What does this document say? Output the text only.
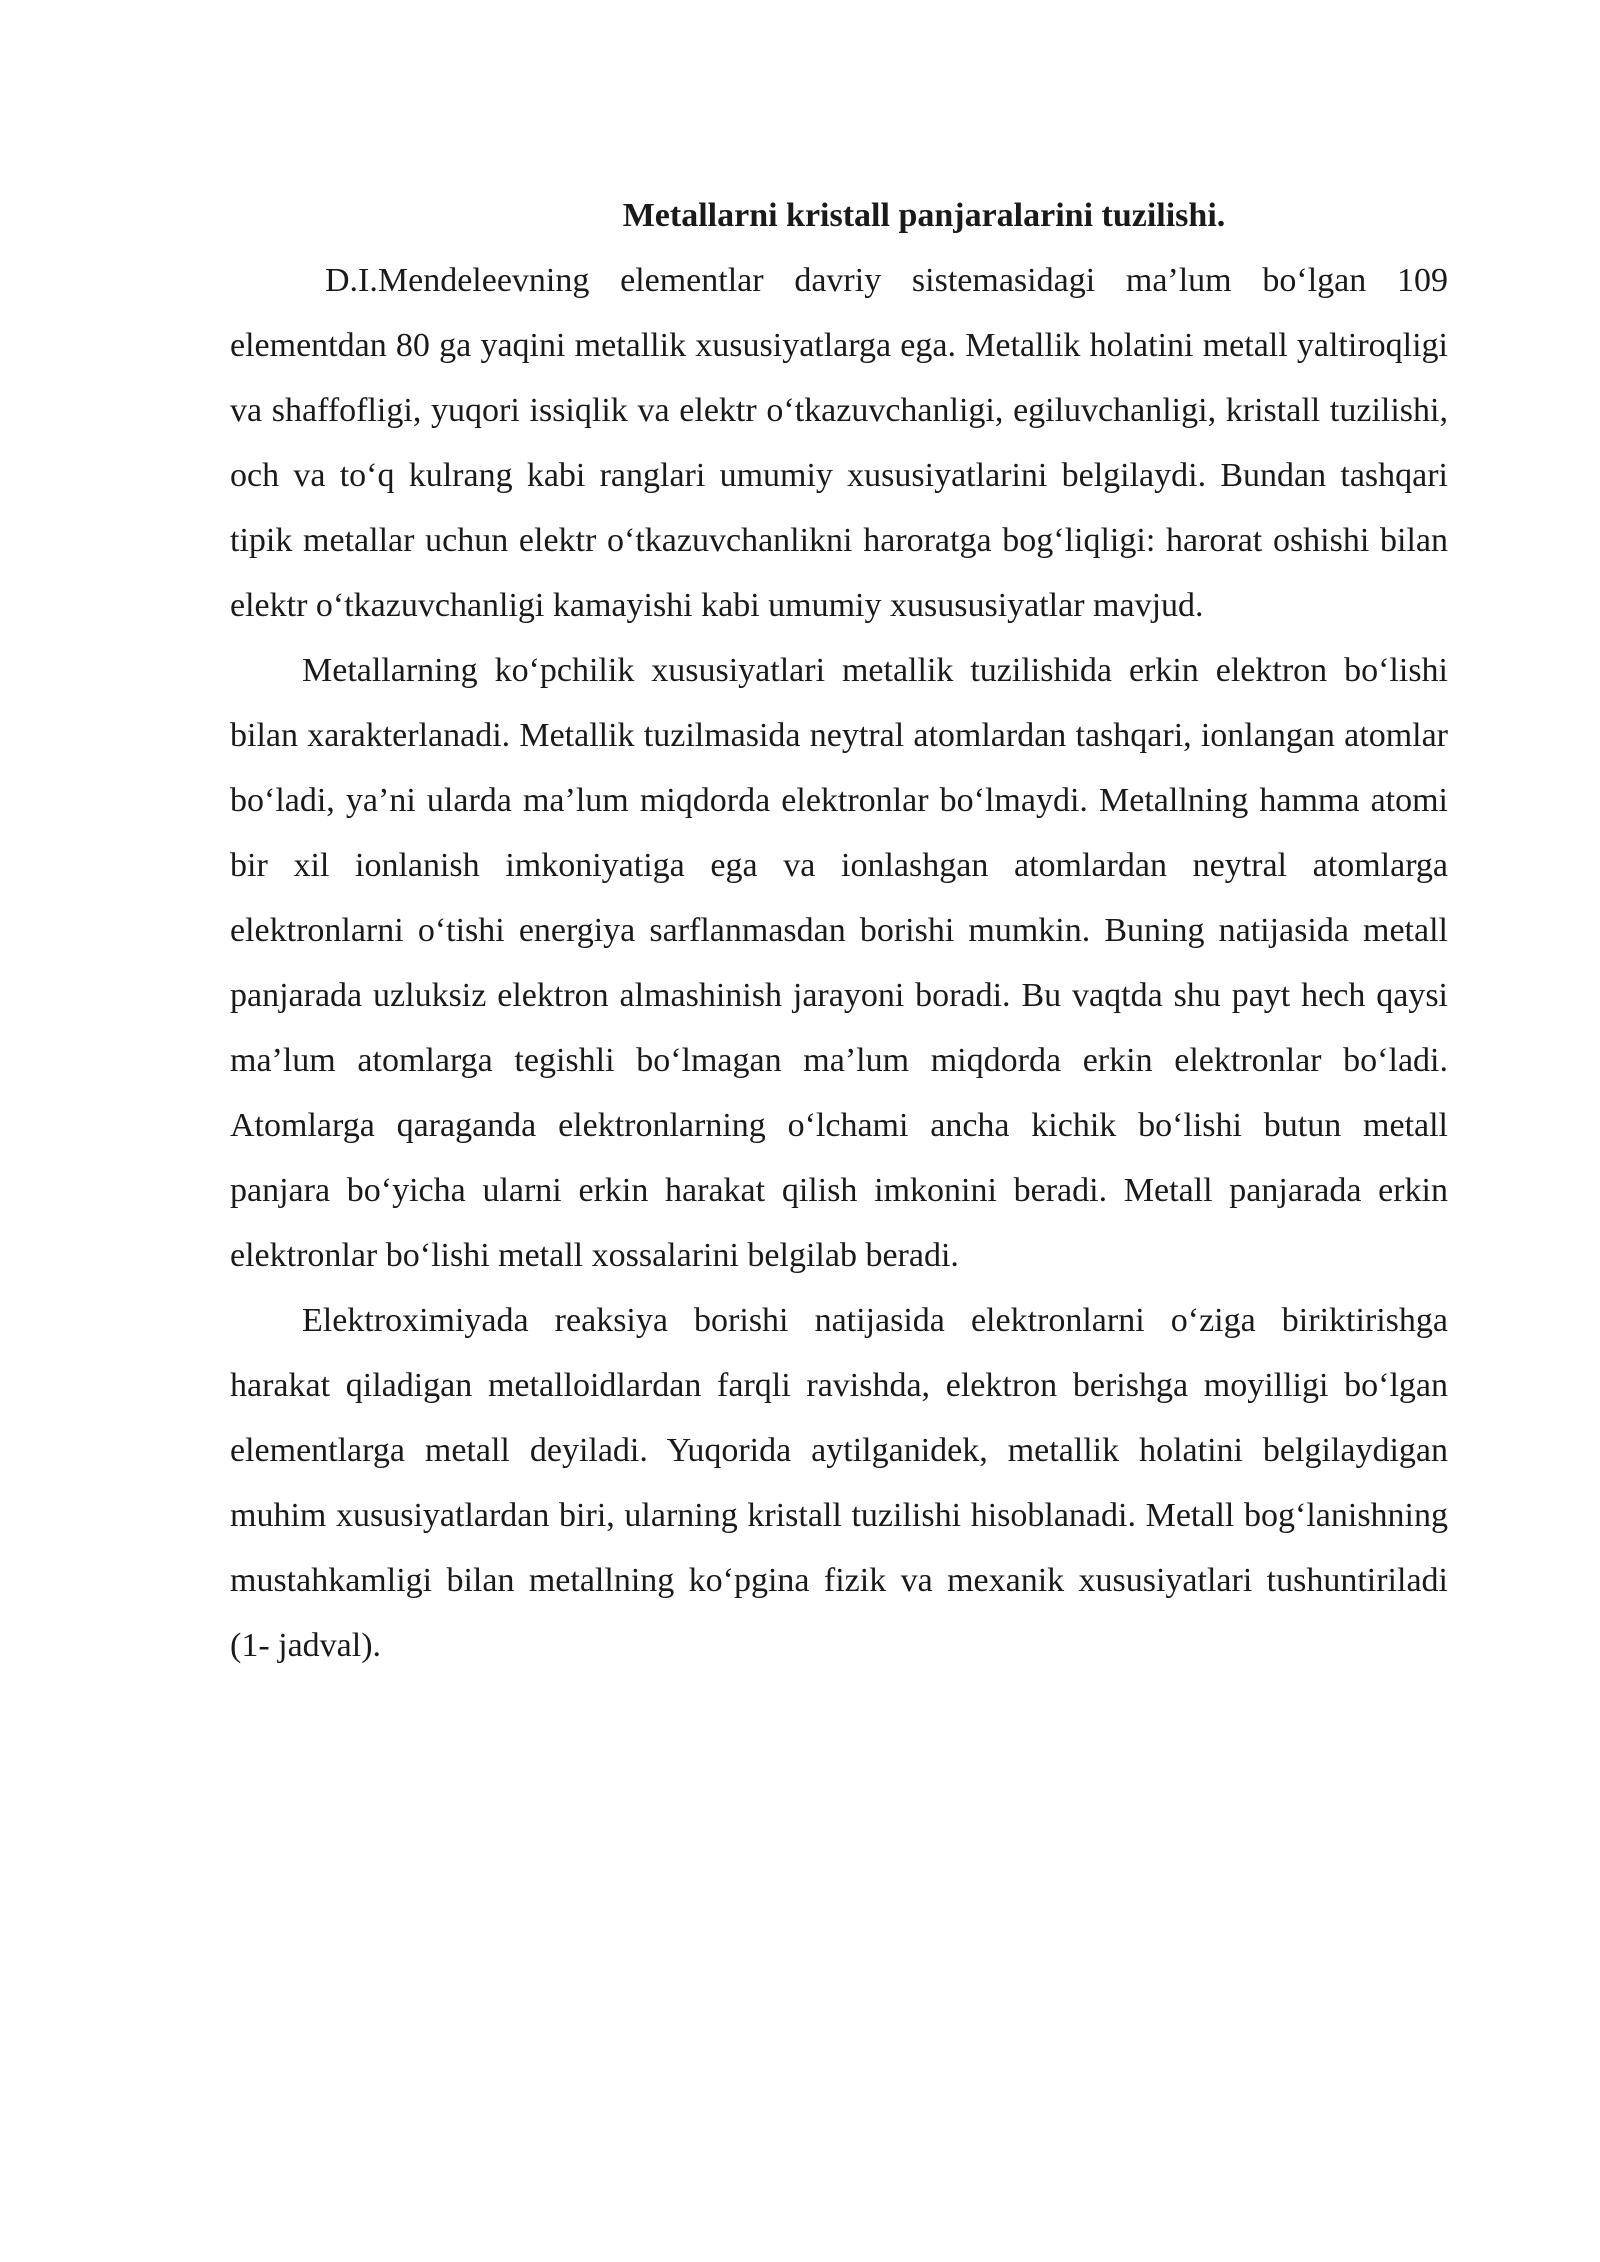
Metallarni kristall panjaralarini tuzilishi.

D.I.Mendeleevning elementlar davriy sistemasidagi ma’lum bo‘lgan 109 elementdan 80 ga yaqini metallik xususiyatlarga ega. Metallik holatini metall yaltiroqligi va shaffofligi, yuqori issiqlik va elektr o‘tkazuvchanligi, egiluvchanligi, kristall tuzilishi, och va to‘q kulrang kabi ranglari umumiy xususiyatlarini belgilaydi. Bundan tashqari tipik metallar uchun elektr o‘tkazuvchanlikni haroratga bog‘liqligi: harorat oshishi bilan elektr o‘tkazuvchanligi kamayishi kabi umumiy xusususiyatlar mavjud.

Metallarning ko‘pchilik xususiyatlari metallik tuzilishida erkin elektron bo‘lishi bilan xarakterlanadi. Metallik tuzilmasida neytral atomlardan tashqari, ionlangan atomlar bo‘ladi, ya’ni ularda ma’lum miqdorda elektronlar bo‘lmaydi. Metallning hamma atomi bir xil ionlanish imkoniyatiga ega va ionlashgan atomlardan neytral atomlarga elektronlarni o‘tishi energiya sarflanmasdan borishi mumkin. Buning natijasida metall panjarada uzluksiz elektron almashinish jarayoni boradi. Bu vaqtda shu payt hech qaysi ma’lum atomlarga tegishli bo‘lmagan ma’lum miqdorda erkin elektronlar bo‘ladi. Atomlarga qaraganda elektronlarning o‘lchami ancha kichik bo‘lishi butun metall panjara bo‘yicha ularni erkin harakat qilish imkonini beradi. Metall panjarada erkin elektronlar bo‘lishi metall xossalarini belgilab beradi.

Elektroximiyada reaksiya borishi natijasida elektronlarni o‘ziga biriktirishga harakat qiladigan metalloidlardan farqli ravishda, elektron berishga moyilligi bo‘lgan elementlarga metall deyiladi. Yuqorida aytilganidek, metallik holatini belgilaydigan muhim xususiyatlardan biri, ularning kristall tuzilishi hisoblanadi. Metall bog‘lanishning mustahkamligi bilan metallning ko‘pgina fizik va mexanik xususiyatlari tushuntiriladi (1- jadval).
